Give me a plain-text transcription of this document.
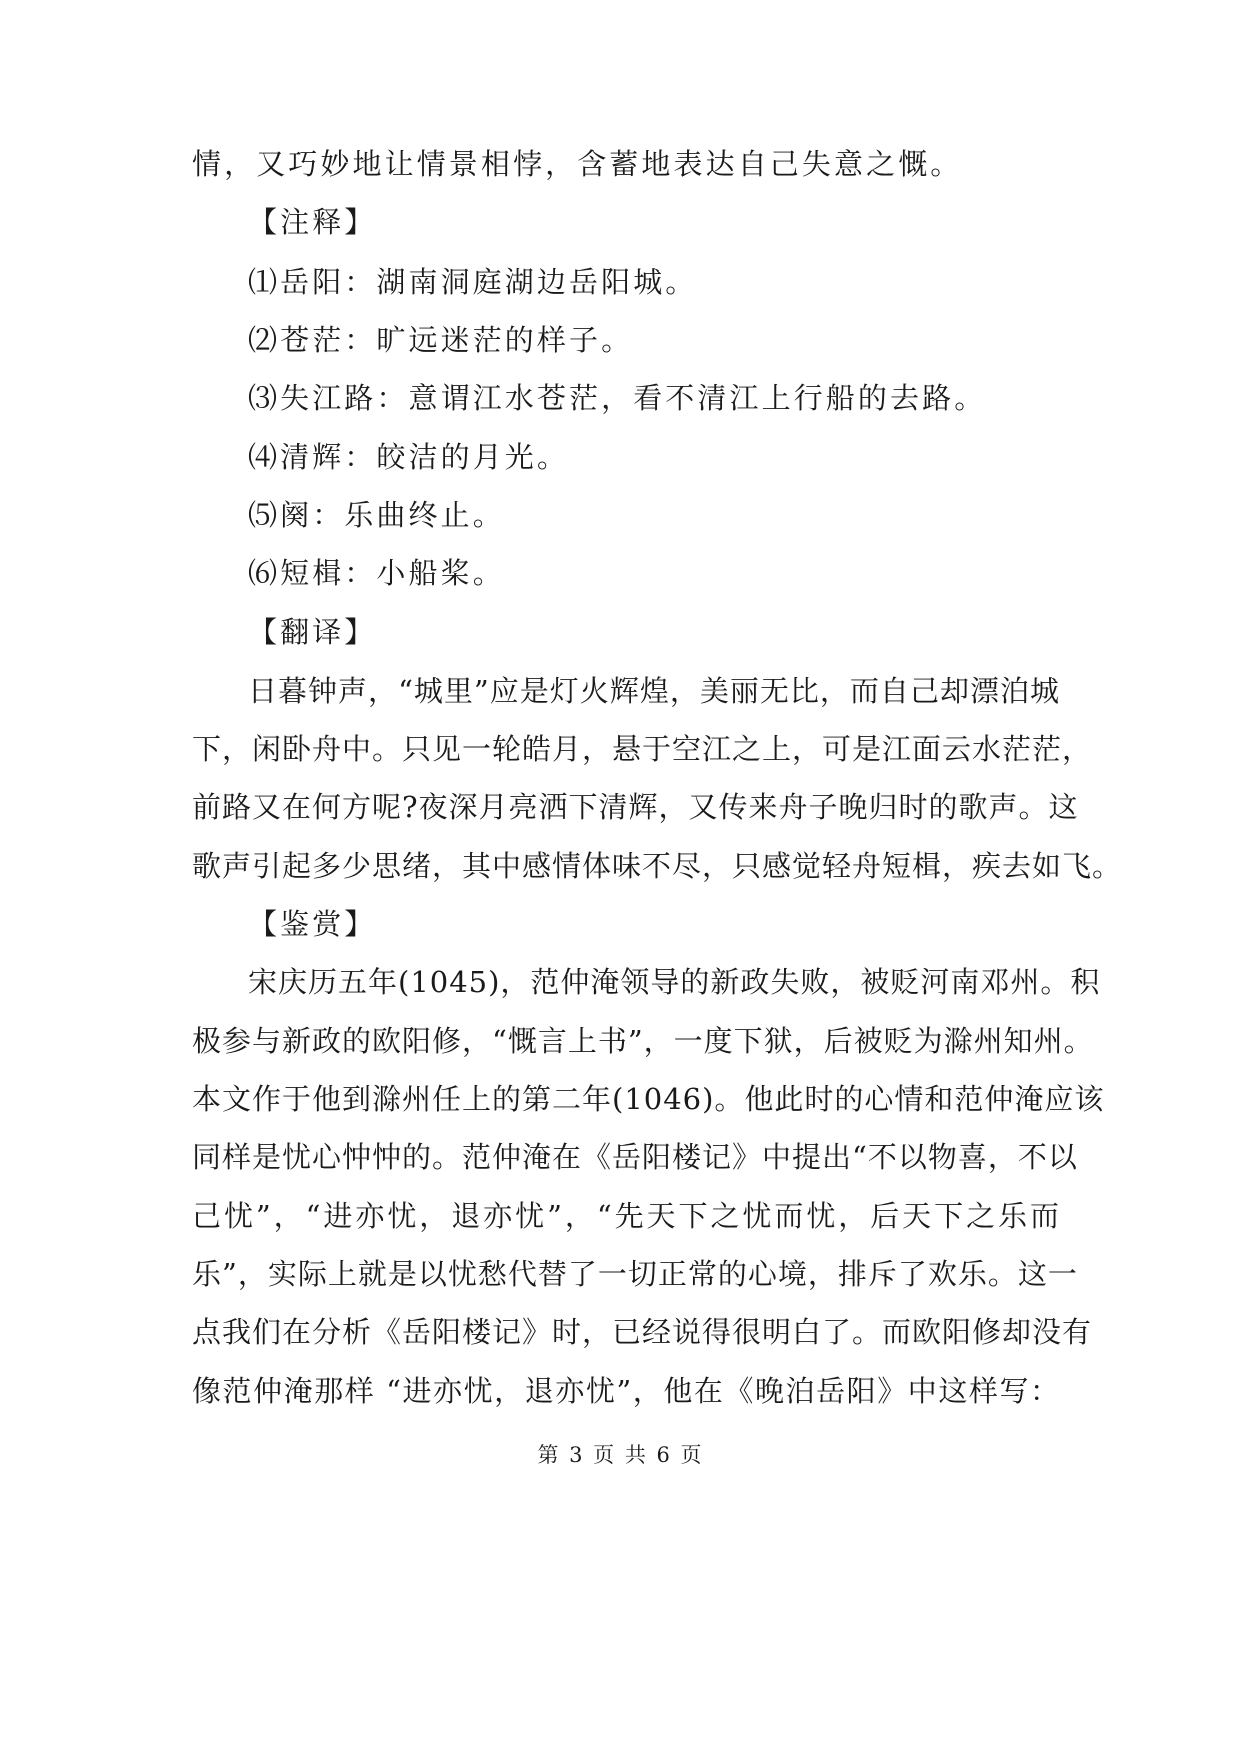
情，又巧妙地让情景相悖，含蓄地表达自己失意之慨。
【注释】
⑴岳阳：湖南洞庭湖边岳阳城。
⑵苍茫：旷远迷茫的样子。
⑶失江路：意谓江水苍茫，看不清江上行船的去路。
⑷清辉：皎洁的月光。
⑸阕：乐曲终止。
⑹短楫：小船桨。
【翻译】
日暮钟声，“城里”应是灯火辉煌，美丽无比，而自己却漂泊城
下，闲卧舟中。只见一轮皓月，悬于空江之上，可是江面云水茫茫，
前路又在何方呢?夜深月亮洒下清辉，又传来舟子晚归时的歌声。这
歌声引起多少思绪，其中感情体味不尽，只感觉轻舟短楫，疾去如飞。
【鉴赏】
宋庆历五年(1045)，范仲淹领导的新政失败，被贬河南邓州。积
极参与新政的欧阳修，“慨言上书”，一度下狱，后被贬为滁州知州。
本文作于他到滁州任上的第二年(1046)。他此时的心情和范仲淹应该
同样是忧心忡忡的。范仲淹在《岳阳楼记》中提出“不以物喜，不以
己忧”，“进亦忧，退亦忧”，“先天下之忧而忧，后天下之乐而
乐”，实际上就是以忧愁代替了一切正常的心境，排斥了欢乐。这一
点我们在分析《岳阳楼记》时，已经说得很明白了。而欧阳修却没有
像范仲淹那样 “进亦忧，退亦忧”，他在《晚泊岳阳》中这样写：
第 3 页 共 6 页
